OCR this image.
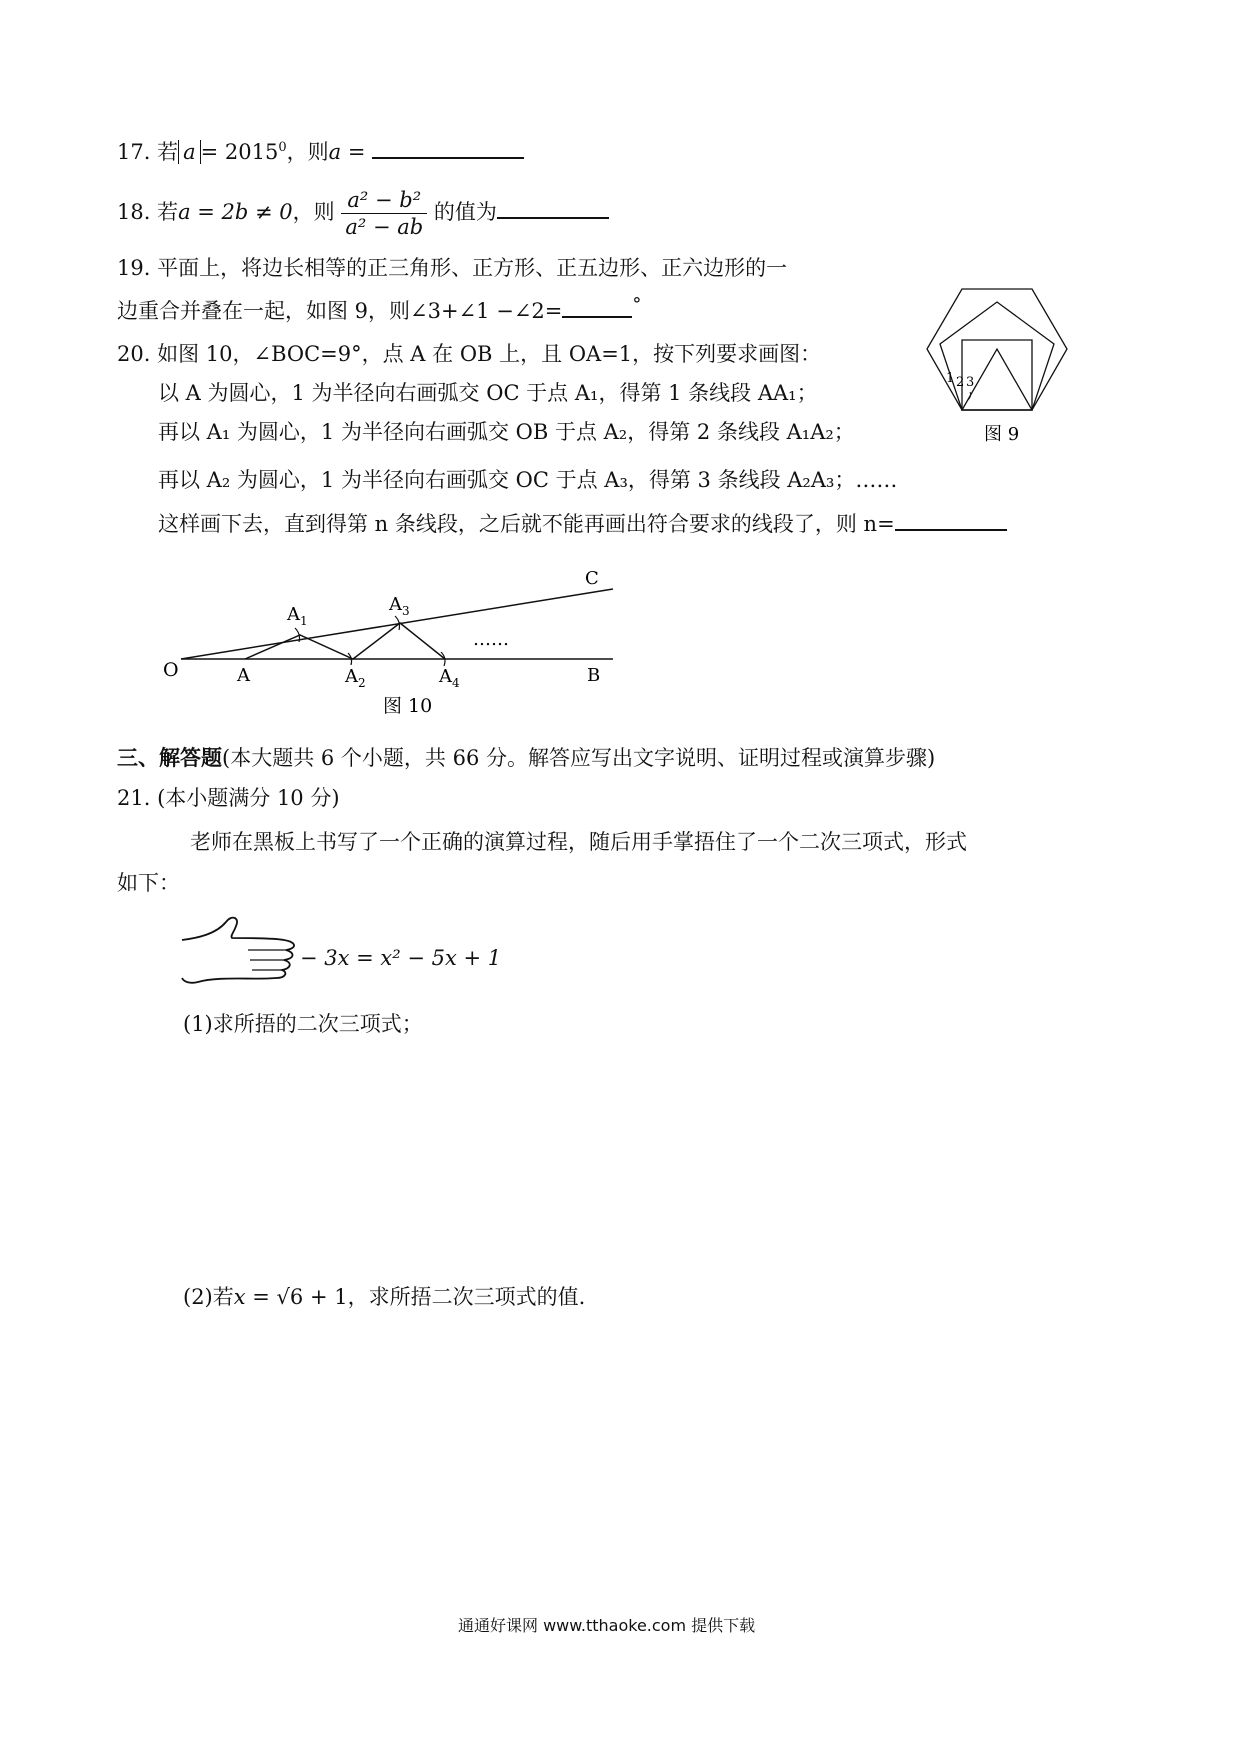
17. 若 $a = 2015^0$，则a =
18. 若a = 2b ≠ 0，则 $\frac{\text{a² − b²}}{\text{a² − ab}}$ 的值为
19. 平面上，将边长相等的正三角形、正方形、正五边形、正六边形的一
边重合并叠在一起，如图 9，则∠3+∠1 −∠2=	°
1 2 3
图 9
20. 如图 10，∠BOC=9°，点 A 在 OB 上，且 OA=1，按下列要求画图：
以 A 为圆心，1 为半径向右画弧交 OC 于点 A₁，得第 1 条线段 AA₁；
再以 A₁ 为圆心，1 为半径向右画弧交 OB 于点 A₂，得第 2 条线段 A₁A₂；
再以 A₂ 为圆心，1 为半径向右画弧交 OC 于点 A₃，得第 3 条线段 A₂A₃；……
这样画下去，直到得第 n 条线段，之后就不能再画出符合要求的线段了，则 n=
O	A
$A_1$
$A_2$
$A_3$
$A_4$	B
C
……
图 10
三、解答题(本大题共 6 个小题，共 66 分。解答应写出文字说明、证明过程或演算步骤)
21. (本小题满分 10 分)
老师在黑板上书写了一个正确的演算过程，随后用手掌捂住了一个二次三项式，形式
如下：
− 3x = x² − 5x + 1
(1)求所捂的二次三项式；
(2)若x = √6 + 1，求所捂二次三项式的值.
通通好课网 www.tthaoke.com 提供下载
